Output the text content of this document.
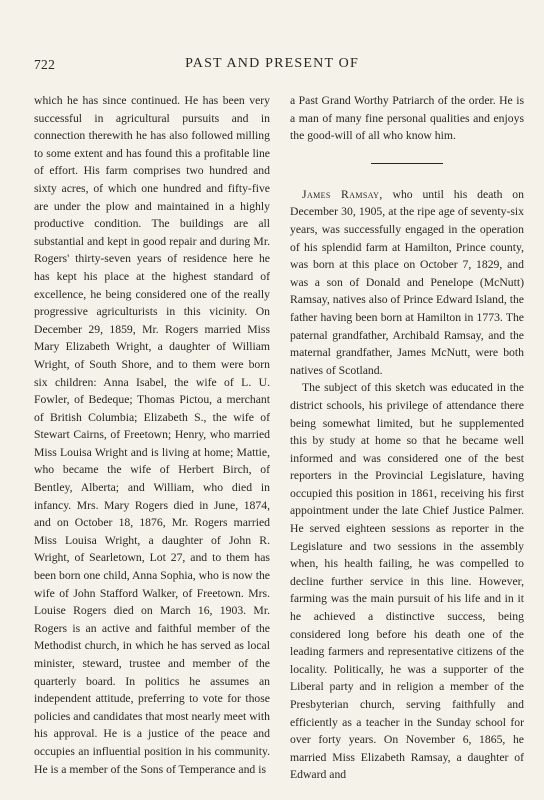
722	PAST AND PRESENT OF

which he has since continued. He has been very successful in agricultural pursuits and in connection therewith he has also followed milling to some extent and has found this a profitable line of effort. His farm comprises two hundred and sixty acres, of which one hundred and fifty-five are under the plow and maintained in a highly productive condition. The buildings are all substantial and kept in good repair and during Mr. Rogers' thirty-seven years of residence here he has kept his place at the highest standard of excellence, he being considered one of the really progressive agriculturists in this vicinity. On December 29, 1859, Mr. Rogers married Miss Mary Elizabeth Wright, a daughter of William Wright, of South Shore, and to them were born six children: Anna Isabel, the wife of L. U. Fowler, of Bedeque; Thomas Pictou, a merchant of British Columbia; Elizabeth S., the wife of Stewart Cairns, of Freetown; Henry, who married Miss Louisa Wright and is living at home; Mattie, who became the wife of Herbert Birch, of Bentley, Alberta; and William, who died in infancy. Mrs. Mary Rogers died in June, 1874, and on October 18, 1876, Mr. Rogers married Miss Louisa Wright, a daughter of John R. Wright, of Searletown, Lot 27, and to them has been born one child, Anna Sophia, who is now the wife of John Stafford Walker, of Freetown. Mrs. Louise Rogers died on March 16, 1903. Mr. Rogers is an active and faithful member of the Methodist church, in which he has served as local minister, steward, trustee and member of the quarterly board. In politics he assumes an independent attitude, preferring to vote for those policies and candidates that most nearly meet with his approval. He is a justice of the peace and occupies an influential position in his community. He is a member of the Sons of Temperance and is

a Past Grand Worthy Patriarch of the order. He is a man of many fine personal qualities and enjoys the good-will of all who know him.

James Ramsay, who until his death on December 30, 1905, at the ripe age of seventy-six years, was successfully engaged in the operation of his splendid farm at Hamilton, Prince county, was born at this place on October 7, 1829, and was a son of Donald and Penelope (McNutt) Ramsay, natives also of Prince Edward Island, the father having been born at Hamilton in 1773. The paternal grandfather, Archibald Ramsay, and the maternal grandfather, James McNutt, were both natives of Scotland.

The subject of this sketch was educated in the district schools, his privilege of attendance there being somewhat limited, but he supplemented this by study at home so that he became well informed and was considered one of the best reporters in the Provincial Legislature, having occupied this position in 1861, receiving his first appointment under the late Chief Justice Palmer. He served eighteen sessions as reporter in the Legislature and two sessions in the assembly when, his health failing, he was compelled to decline further service in this line. However, farming was the main pursuit of his life and in it he achieved a distinctive success, being considered long before his death one of the leading farmers and representative citizens of the locality. Politically, he was a supporter of the Liberal party and in religion a member of the Presbyterian church, serving faithfully and efficiently as a teacher in the Sunday school for over forty years. On November 6, 1865, he married Miss Elizabeth Ramsay, a daughter of Edward and
